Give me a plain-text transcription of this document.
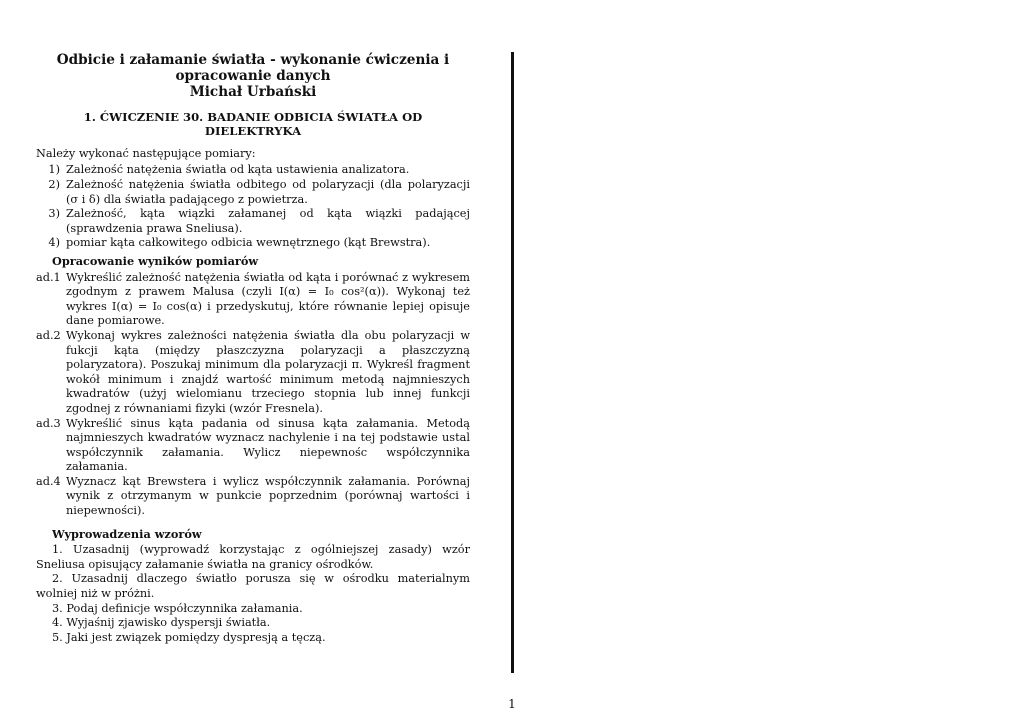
Odbicie i załamanie światła - wykonanie ćwiczenia i
opracowanie danych
Michał Urbański
1. ĆWICZENIE 30. BADANIE ODBICIA ŚWIATŁA OD DIELEKTRYKA

Należy wykonać następujące pomiary:

1) Zależność natężenia światła od kąta ustawienia analizatora.
2) Zależność natężenia światła odbitego od polaryzacji (dla polaryzacji (σ i δ) dla światła padającego z powietrza.
3) Zależność, kąta wiązki załamanej od kąta wiązki padającej (sprawdzenia prawa Sneliusa).
4) pomiar kąta całkowitego odbicia wewnętrznego (kąt Brewstra).
Opracowanie wyników pomiarów
ad.1 Wykreślić zależność natężenia światła od kąta i porównać z wykresem zgodnym z prawem Malusa (czyli I(α) = I₀ cos²(α)). Wykonaj też wykres I(α) = I₀ cos(α) i przedyskutuj, które równanie lepiej opisuje dane pomiarowe.
ad.2 Wykonaj wykres zależności natężenia światła dla obu polaryzacji w fukcji kąta (między płaszczyzna polaryzacji a płaszczyzną polaryzatora). Poszukaj minimum dla polaryzacji π. Wykreśl fragment wokół minimum i znajdź wartość minimum metodą najmnieszych kwadratów (użyj wielomianu trzeciego stopnia lub innej funkcji zgodnej z równaniami fizyki (wzór Fresnela).
ad.3 Wykreślić sinus kąta padania od sinusa kąta załamania. Metodą najmnieszych kwadratów wyznacz nachylenie i na tej podstawie ustal współczynnik załamania. Wylicz niepewnośc współczynnika załamania.
ad.4 Wyznacz kąt Brewstera i wylicz współczynnik załamania. Porównaj wynik z otrzymanym w punkcie poprzednim (porównaj wartości i niepewności).
Wyprowadzenia wzorów

1. Uzasadnij (wyprowadź korzystając z ogólniejszej zasady) wzór Sneliusa opisujący załamanie światła na granicy ośrodków.

2. Uzasadnij dlaczego światło porusza się w ośrodku materialnym wolniej niż w próżni.

3. Podaj definicje współczynnika załamania.

4. Wyjaśnij zjawisko dyspersji światła.

5. Jaki jest związek pomiędzy dyspresją a tęczą.

1
